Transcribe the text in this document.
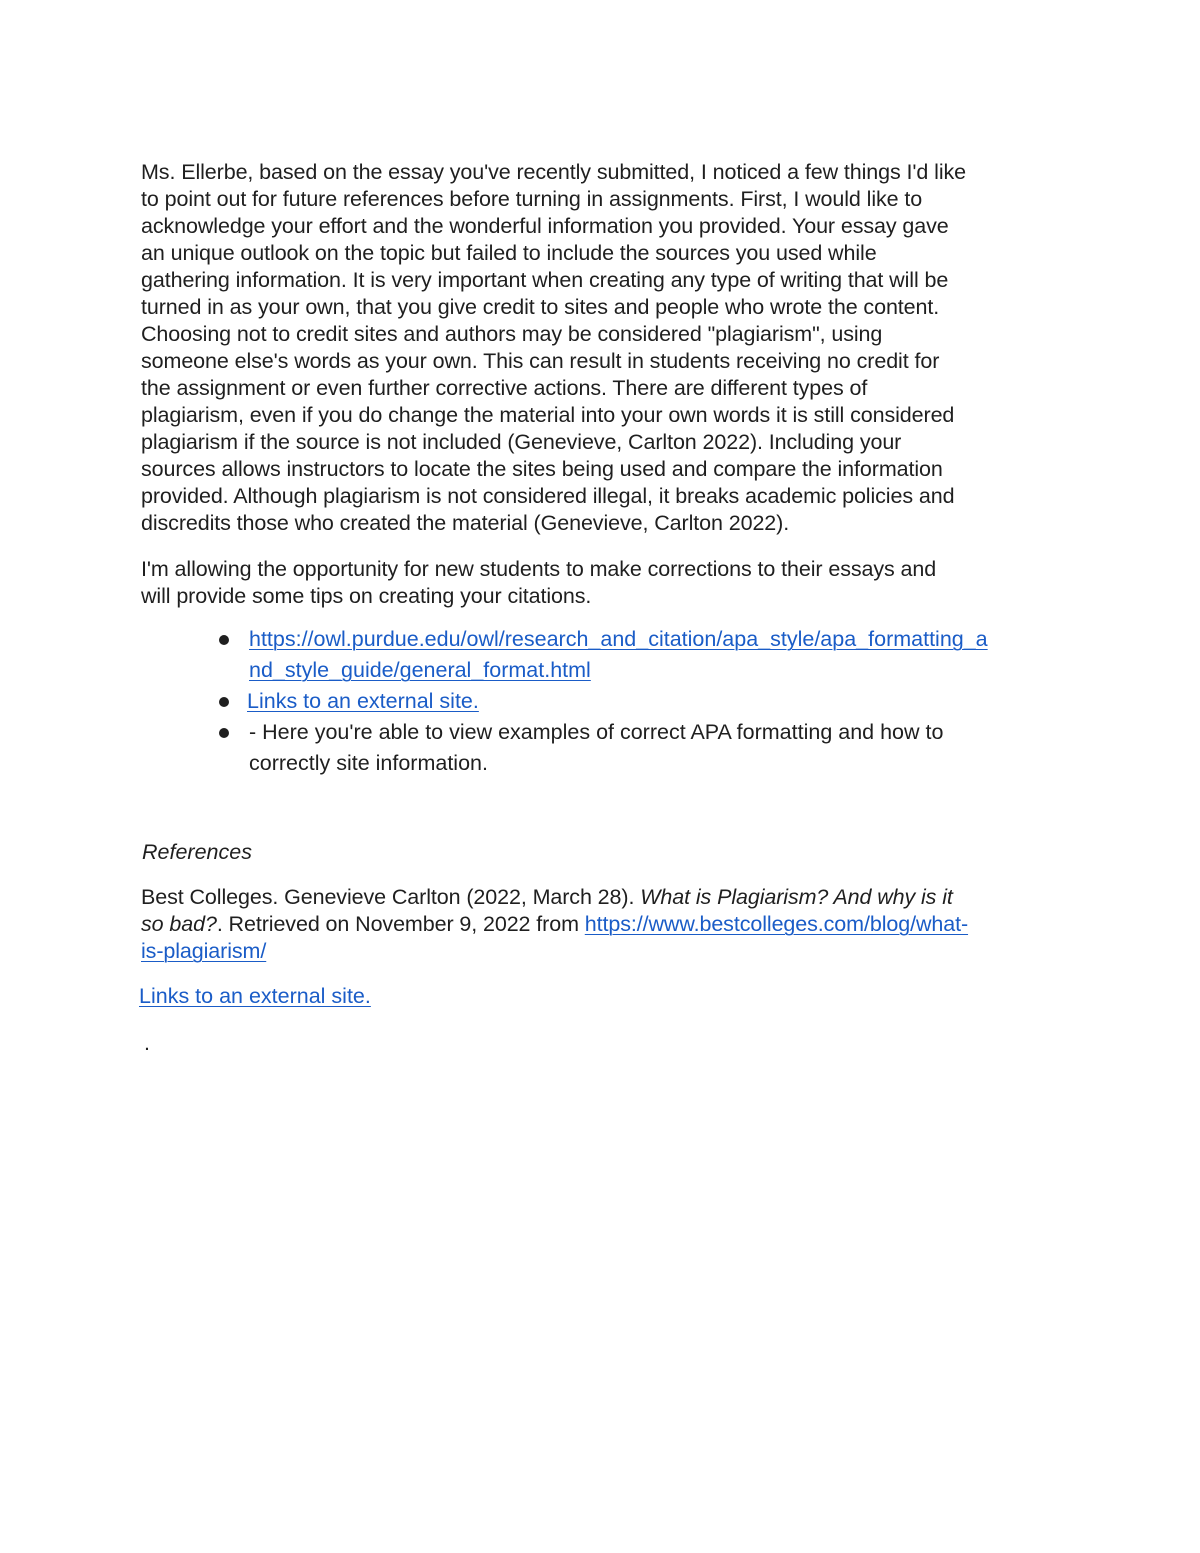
Ms. Ellerbe, based on the essay you've recently submitted, I noticed a few things I'd like
to point out for future references before turning in assignments. First, I would like to
acknowledge your effort and the wonderful information you provided. Your essay gave
an unique outlook on the topic but failed to include the sources you used while
gathering information. It is very important when creating any type of writing that will be
turned in as your own, that you give credit to sites and people who wrote the content.
Choosing not to credit sites and authors may be considered "plagiarism", using
someone else's words as your own. This can result in students receiving no credit for
the assignment or even further corrective actions. There are different types of
plagiarism, even if you do change the material into your own words it is still considered
plagiarism if the source is not included (Genevieve, Carlton 2022). Including your
sources allows instructors to locate the sites being used and compare the information
provided. Although plagiarism is not considered illegal, it breaks academic policies and
discredits those who created the material (Genevieve, Carlton 2022).

I'm allowing the opportunity for new students to make corrections to their essays and
will provide some tips on creating your citations.

https://owl.purdue.edu/owl/research_and_citation/apa_style/apa_formatting_a
nd_style_guide/general_format.html
Links to an external site.
- Here you're able to view examples of correct APA formatting and how to
correctly site information.
References

Best Colleges. Genevieve Carlton (2022, March 28). What is Plagiarism? And why is it
so bad?. Retrieved on November 9, 2022 from https://www.bestcolleges.com/blog/what-
is-plagiarism/

Links to an external site.

.
